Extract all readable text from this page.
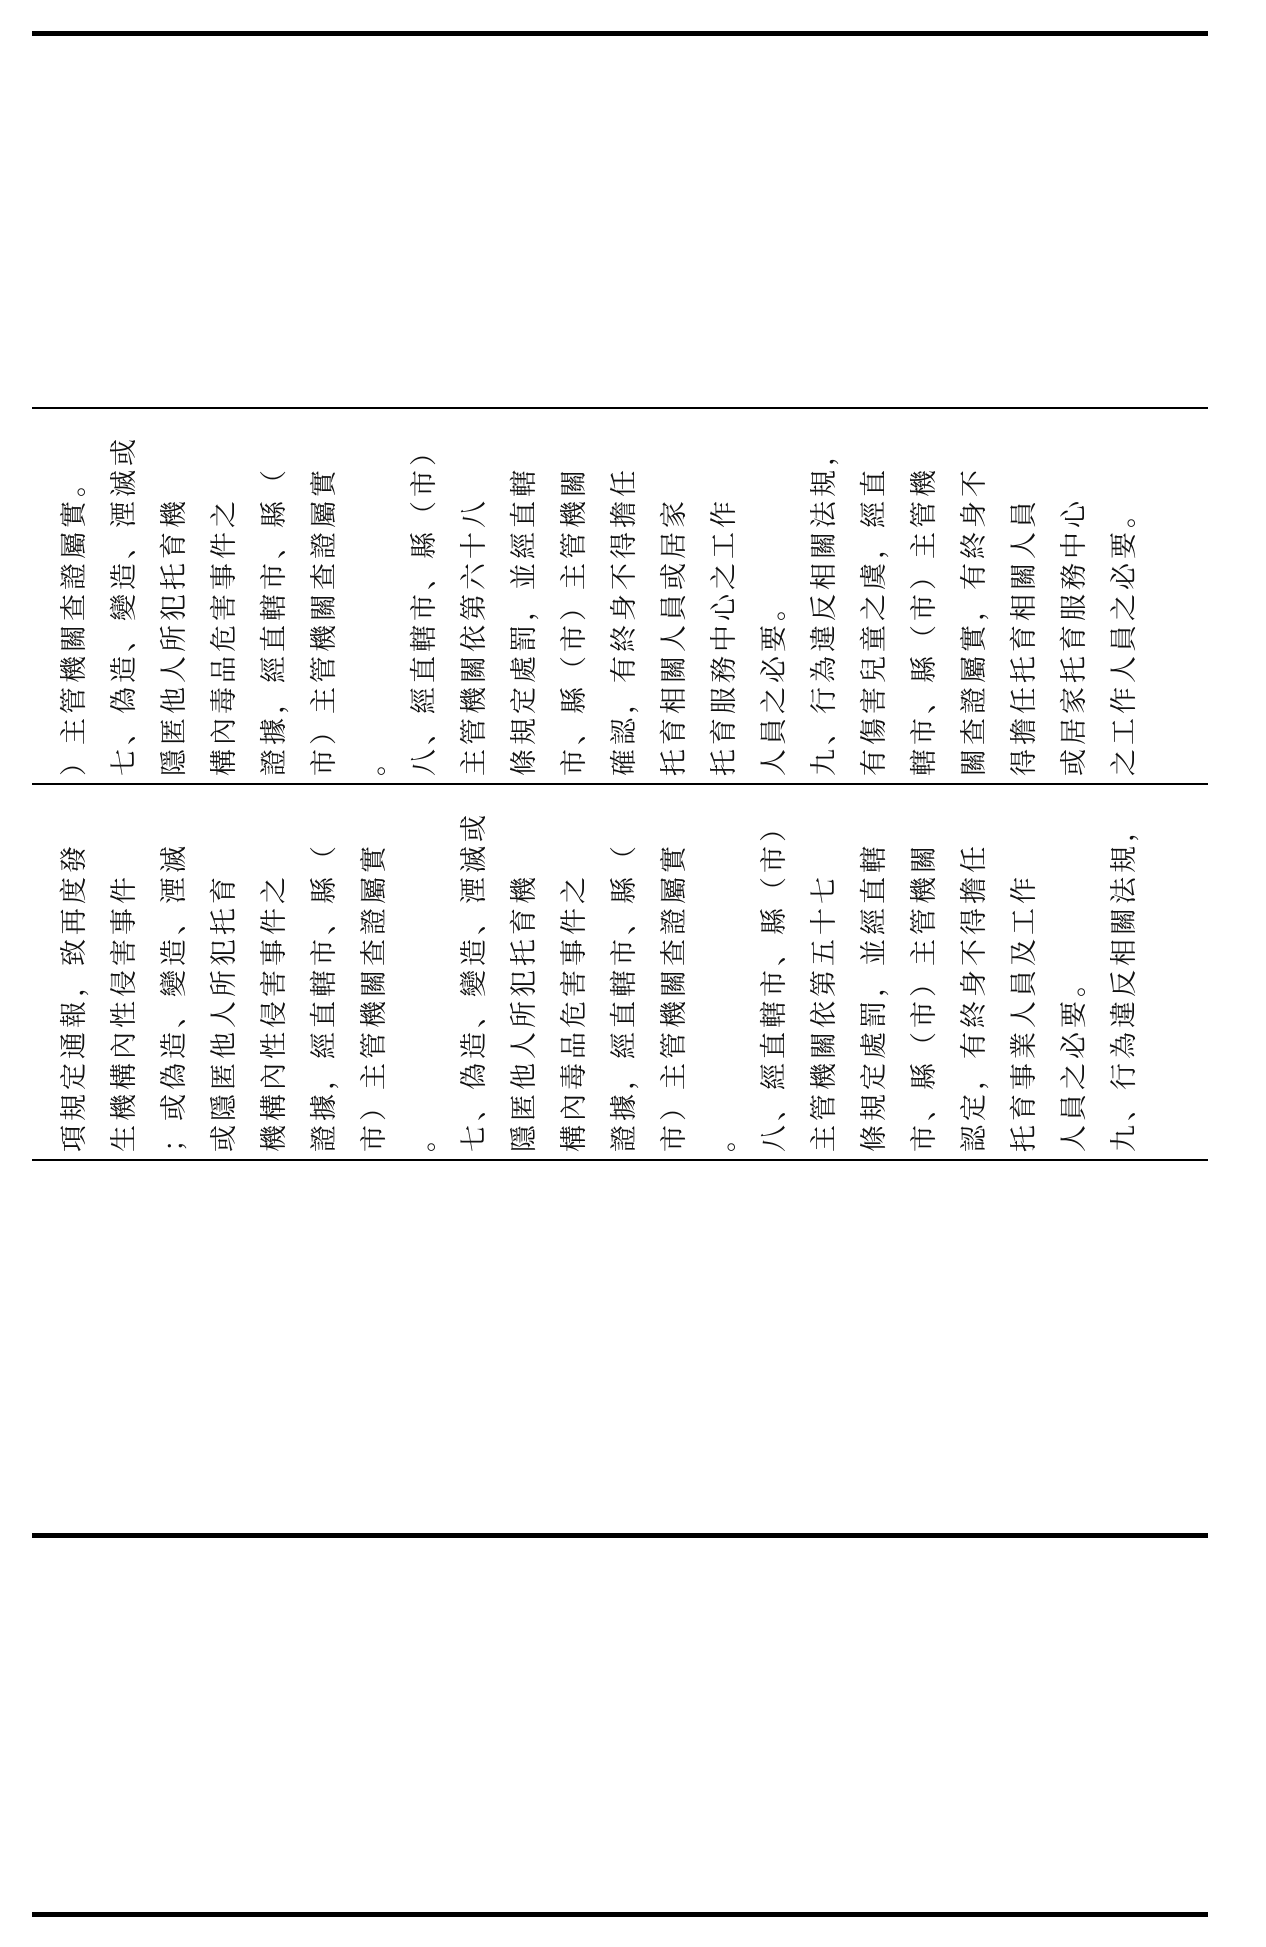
）主管機關查證屬實。 七、偽造、變造、湮滅或 隱匿他人所犯托育機 構內毒品危害事件之 證據，經直轄市、縣（ 市）主管機關查證屬實 。 八、經直轄市、縣（市） 主管機關依第六十八 條規定處罰，並經直轄 市、縣（市）主管機關 確認，有終身不得擔任 托育相關人員或居家 托育服務中心之工作 人員之必要。 九、行為違反相關法規， 有傷害兒童之虞，經直 轄市、縣（市）主管機 關查證屬實，有終身不 得擔任托育相關人員 或居家托育服務中心 之工作人員之必要。
項規定通報，致再度發 生機構內性侵害事件 ；或偽造、變造、湮滅 或隱匿他人所犯托育 機構內性侵害事件之 證據，經直轄市、縣（ 市）主管機關查證屬實 。 七、偽造、變造、湮滅或 隱匿他人所犯托育機 構內毒品危害事件之 證據，經直轄市、縣（ 市）主管機關查證屬實 。 八、經直轄市、縣（市） 主管機關依第五十七 條規定處罰，並經直轄 市、縣（市）主管機關 認定，有終身不得擔任 托育事業人員及工作 人員之必要。 九、行為違反相關法規，
